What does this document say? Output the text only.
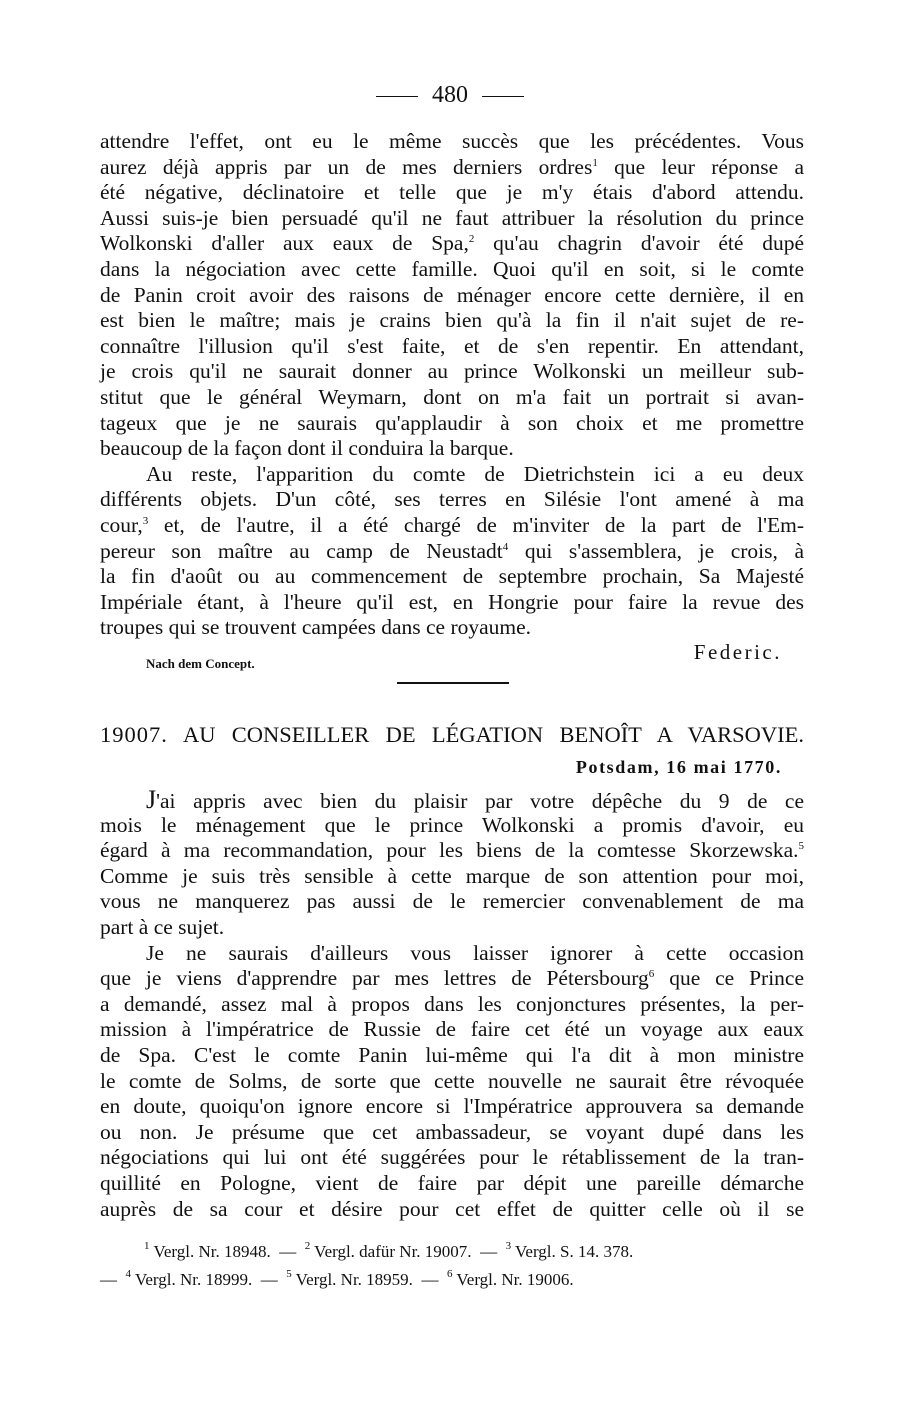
480
attendre l'effet, ont eu le même succès que les précédentes. Vous
aurez déjà appris par un de mes derniers ordres$^1$ que leur réponse a
été négative, déclinatoire et telle que je m'y étais d'abord attendu.
Aussi suis-je bien persuadé qu'il ne faut attribuer la résolution du prince
Wolkonski d'aller aux eaux de Spa,$^2$ qu'au chagrin d'avoir été dupé
dans la négociation avec cette famille. Quoi qu'il en soit, si le comte
de Panin croit avoir des raisons de ménager encore cette dernière, il en
est bien le maître; mais je crains bien qu'à la fin il n'ait sujet de re-
connaître l'illusion qu'il s'est faite, et de s'en repentir. En attendant,
je crois qu'il ne saurait donner au prince Wolkonski un meilleur sub-
stitut que le général Weymarn, dont on m'a fait un portrait si avan-
tageux que je ne saurais qu'applaudir à son choix et me promettre
beaucoup de la façon dont il conduira la barque.
Au reste, l'apparition du comte de Dietrichstein ici a eu deux
différents objets. D'un côté, ses terres en Silésie l'ont amené à ma
cour,$^3$ et, de l'autre, il a été chargé de m'inviter de la part de l'Em-
pereur son maître au camp de Neustadt$^4$ qui s'assemblera, je crois, à
la fin d'août ou au commencement de septembre prochain, Sa Majesté
Impériale étant, à l'heure qu'il est, en Hongrie pour faire la revue des
troupes qui se trouvent campées dans ce royaume.
Nach dem Concept.	Federic.
19007. AU CONSEILLER DE LÉGATION BENOÎT A VARSOVIE.
Potsdam, 16 mai 1770.
J'ai appris avec bien du plaisir par votre dépêche du 9 de ce
mois le ménagement que le prince Wolkonski a promis d'avoir, eu
égard à ma recommandation, pour les biens de la comtesse Skorzewska.$^5$
Comme je suis très sensible à cette marque de son attention pour moi,
vous ne manquerez pas aussi de le remercier convenablement de ma
part à ce sujet.
Je ne saurais d'ailleurs vous laisser ignorer à cette occasion
que je viens d'apprendre par mes lettres de Pétersbourg$^6$ que ce Prince
a demandé, assez mal à propos dans les conjonctures présentes, la per-
mission à l'impératrice de Russie de faire cet été un voyage aux eaux
de Spa. C'est le comte Panin lui-même qui l'a dit à mon ministre
le comte de Solms, de sorte que cette nouvelle ne saurait être révoquée
en doute, quoiqu'on ignore encore si l'Impératrice approuvera sa demande
ou non. Je présume que cet ambassadeur, se voyant dupé dans les
négociations qui lui ont été suggérées pour le rétablissement de la tran-
quillité en Pologne, vient de faire par dépit une pareille démarche
auprès de sa cour et désire pour cet effet de quitter celle où il se
$^1$ Vergl. Nr. 18948. — $^2$ Vergl. dafür Nr. 19007. — $^3$ Vergl. S. 14. 378.
— $^4$ Vergl. Nr. 18999. — $^5$ Vergl. Nr. 18959. — $^6$ Vergl. Nr. 19006.
